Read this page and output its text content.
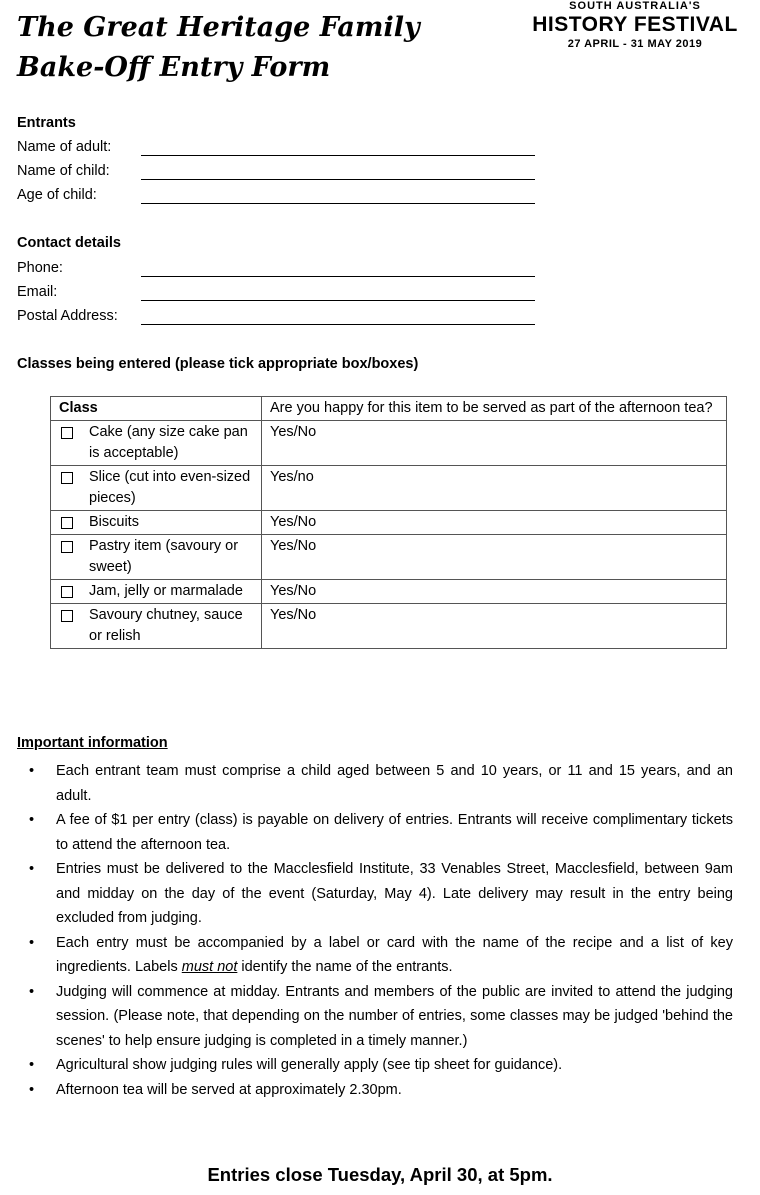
The Great Heritage Family
Bake-Off Entry Form
SOUTH AUSTRALIA'S
HISTORY FESTIVAL
27 APRIL - 31 MAY 2019
Entrants
Name of adult:
Name of child:
Age of child:
Contact details
Phone:
Email:
Postal Address:
Classes being entered (please tick appropriate box/boxes)
Class	Are you happy for this item to be served as part of the afternoon tea?

Cake (any size cake pan is acceptable)	Yes/No

Slice (cut into even-sized pieces)	Yes/no

Biscuits	Yes/No

Pastry item (savoury or sweet)	Yes/No

Jam, jelly or marmalade	Yes/No

Savoury chutney, sauce or relish	Yes/No
Important information
• Each entrant team must comprise a child aged between 5 and 10 years, or 11 and 15 years, and an adult.
• A fee of $1 per entry (class) is payable on delivery of entries. Entrants will receive complimentary tickets to attend the afternoon tea.
• Entries must be delivered to the Macclesfield Institute, 33 Venables Street, Macclesfield, between 9am and midday on the day of the event (Saturday, May 4). Late delivery may result in the entry being excluded from judging.
• Each entry must be accompanied by a label or card with the name of the recipe and a list of key ingredients. Labels must not identify the name of the entrants.
• Judging will commence at midday. Entrants and members of the public are invited to attend the judging session. (Please note, that depending on the number of entries, some classes may be judged 'behind the scenes' to help ensure judging is completed in a timely manner.)
• Agricultural show judging rules will generally apply (see tip sheet for guidance).
• Afternoon tea will be served at approximately 2.30pm.
Entries close Tuesday, April 30, at 5pm.
